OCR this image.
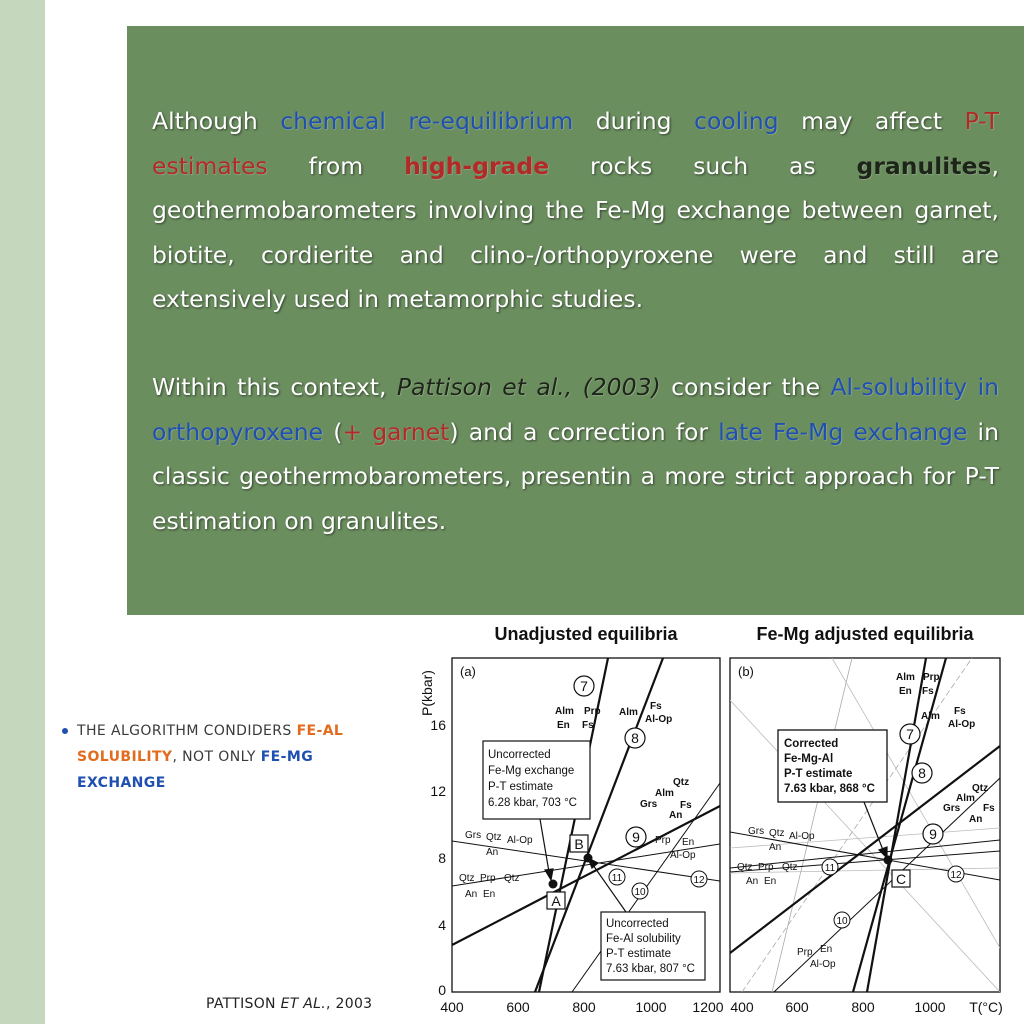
Although chemical re-equilibrium during cooling may affect P-T estimates from high-grade rocks such as granulites, geothermobarometers involving the Fe-Mg exchange between garnet, biotite, cordierite and clino-/orthopyroxene were and still are extensively used in metamorphic studies.

Within this context, Pattison et al., (2003) consider the Al-solubility in orthopyroxene (+ garnet) and a correction for late Fe-Mg exchange in classic geothermobarometers, presentin a more strict approach for P-T estimation on granulites.

THE ALGORITHM CONDIDERS FE-AL SOLUBILITY, NOT ONLY FE-MG EXCHANGE
PATTISON ET AL., 2003
Unadjusted equilibria	Fe-Mg adjusted equilibria
P(kbar)
0
4
8
12
16
400	600	800	1000 1200 400 600	800	1000 T(°C)
(a)
Alm Prp
En Fs
Alm
Fs
Al-Op
Qtz
Alm
Grs Fs
An
Prp En
Al-Op
Qtz Prp Qtz
An En
Grs Qtz Al-Op
An
7
8
9
10
11	12
Uncorrected
Fe-Mg exchange
P-T estimate
6.28 kbar, 703 °C
Uncorrected
Fe-Al solubility
P-T estimate
7.63 kbar, 807 °C
A
B
(b)	Alm Prp
En Fs
Alm Fs
Al-Op
Qtz
Alm
Grs Fs
An
Prp En
Al-Op
Qtz Prp Qtz
An En
Grs Qtz Al-Op
An
7
8
9
10
11
12
Corrected
Fe-Mg-Al
P-T estimate
7.63 kbar, 868 °C
C
